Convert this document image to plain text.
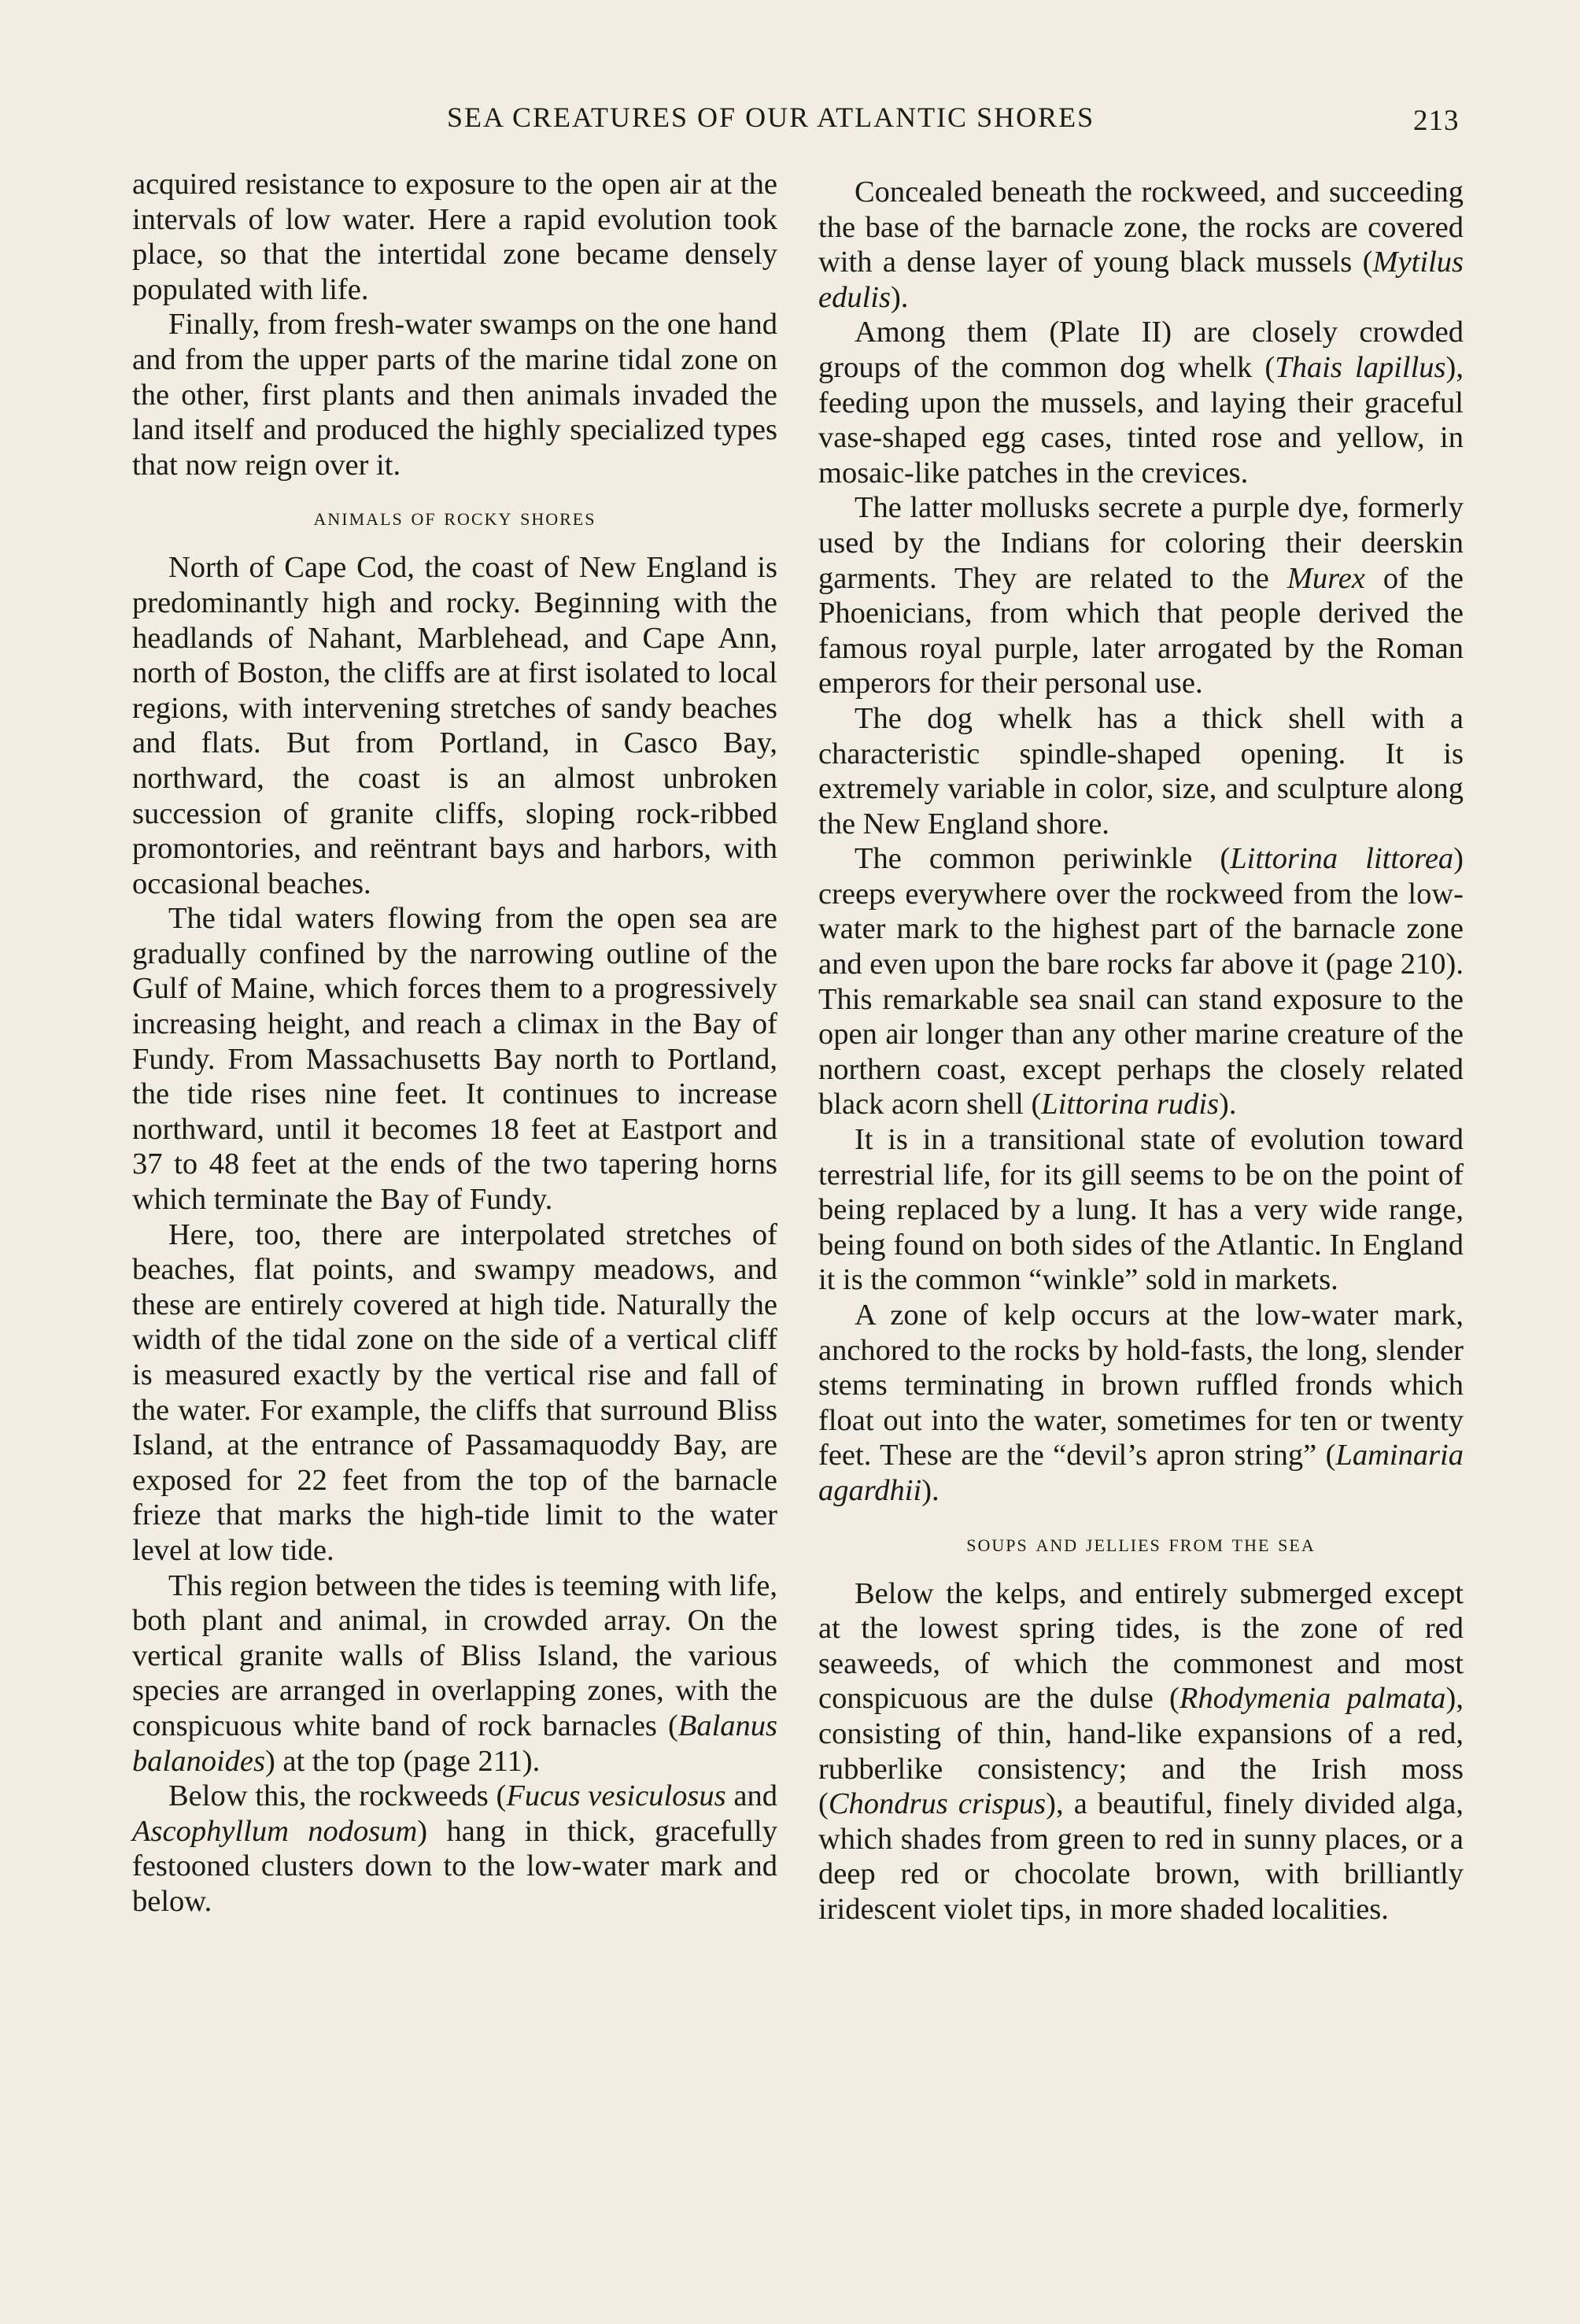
SEA CREATURES OF OUR ATLANTIC SHORES	213

acquired resistance to exposure to the open air at the intervals of low water. Here a rapid evolution took place, so that the intertidal zone became densely populated with life.

Finally, from fresh-water swamps on the one hand and from the upper parts of the marine tidal zone on the other, first plants and then animals invaded the land itself and produced the highly specialized types that now reign over it.

animals of rocky shores

North of Cape Cod, the coast of New England is predominantly high and rocky. Beginning with the headlands of Nahant, Marblehead, and Cape Ann, north of Boston, the cliffs are at first isolated to local regions, with intervening stretches of sandy beaches and flats. But from Portland, in Casco Bay, northward, the coast is an almost unbroken succession of granite cliffs, sloping rock-ribbed promontories, and reëntrant bays and harbors, with occasional beaches.

The tidal waters flowing from the open sea are gradually confined by the narrowing outline of the Gulf of Maine, which forces them to a progressively increasing height, and reach a climax in the Bay of Fundy. From Massachusetts Bay north to Portland, the tide rises nine feet. It continues to increase northward, until it becomes 18 feet at Eastport and 37 to 48 feet at the ends of the two tapering horns which terminate the Bay of Fundy.

Here, too, there are interpolated stretches of beaches, flat points, and swampy meadows, and these are entirely covered at high tide. Naturally the width of the tidal zone on the side of a vertical cliff is measured exactly by the vertical rise and fall of the water. For example, the cliffs that surround Bliss Island, at the entrance of Passamaquoddy Bay, are exposed for 22 feet from the top of the barnacle frieze that marks the high-tide limit to the water level at low tide.

This region between the tides is teeming with life, both plant and animal, in crowded array. On the vertical granite walls of Bliss Island, the various species are arranged in overlapping zones, with the conspicuous white band of rock barnacles (Balanus balanoides) at the top (page 211).

Below this, the rockweeds (Fucus vesiculosus and Ascophyllum nodosum) hang in thick, gracefully festooned clusters down to the low-water mark and below.

Concealed beneath the rockweed, and succeeding the base of the barnacle zone, the rocks are covered with a dense layer of young black mussels (Mytilus edulis).

Among them (Plate II) are closely crowded groups of the common dog whelk (Thais lapillus), feeding upon the mussels, and laying their graceful vase-shaped egg cases, tinted rose and yellow, in mosaic-like patches in the crevices.

The latter mollusks secrete a purple dye, formerly used by the Indians for coloring their deerskin garments. They are related to the Murex of the Phoenicians, from which that people derived the famous royal purple, later arrogated by the Roman emperors for their personal use.

The dog whelk has a thick shell with a characteristic spindle-shaped opening. It is extremely variable in color, size, and sculpture along the New England shore.

The common periwinkle (Littorina littorea) creeps everywhere over the rockweed from the low-water mark to the highest part of the barnacle zone and even upon the bare rocks far above it (page 210). This remarkable sea snail can stand exposure to the open air longer than any other marine creature of the northern coast, except perhaps the closely related black acorn shell (Littorina rudis).

It is in a transitional state of evolution toward terrestrial life, for its gill seems to be on the point of being replaced by a lung. It has a very wide range, being found on both sides of the Atlantic. In England it is the common “winkle” sold in markets.

A zone of kelp occurs at the low-water mark, anchored to the rocks by hold-fasts, the long, slender stems terminating in brown ruffled fronds which float out into the water, sometimes for ten or twenty feet. These are the “devil’s apron string” (Laminaria agardhii).

soups and jellies from the sea

Below the kelps, and entirely submerged except at the lowest spring tides, is the zone of red seaweeds, of which the commonest and most conspicuous are the dulse (Rhodymenia palmata), consisting of thin, hand-like expansions of a red, rubberlike consistency; and the Irish moss (Chondrus crispus), a beautiful, finely divided alga, which shades from green to red in sunny places, or a deep red or chocolate brown, with brilliantly iridescent violet tips, in more shaded localities.
